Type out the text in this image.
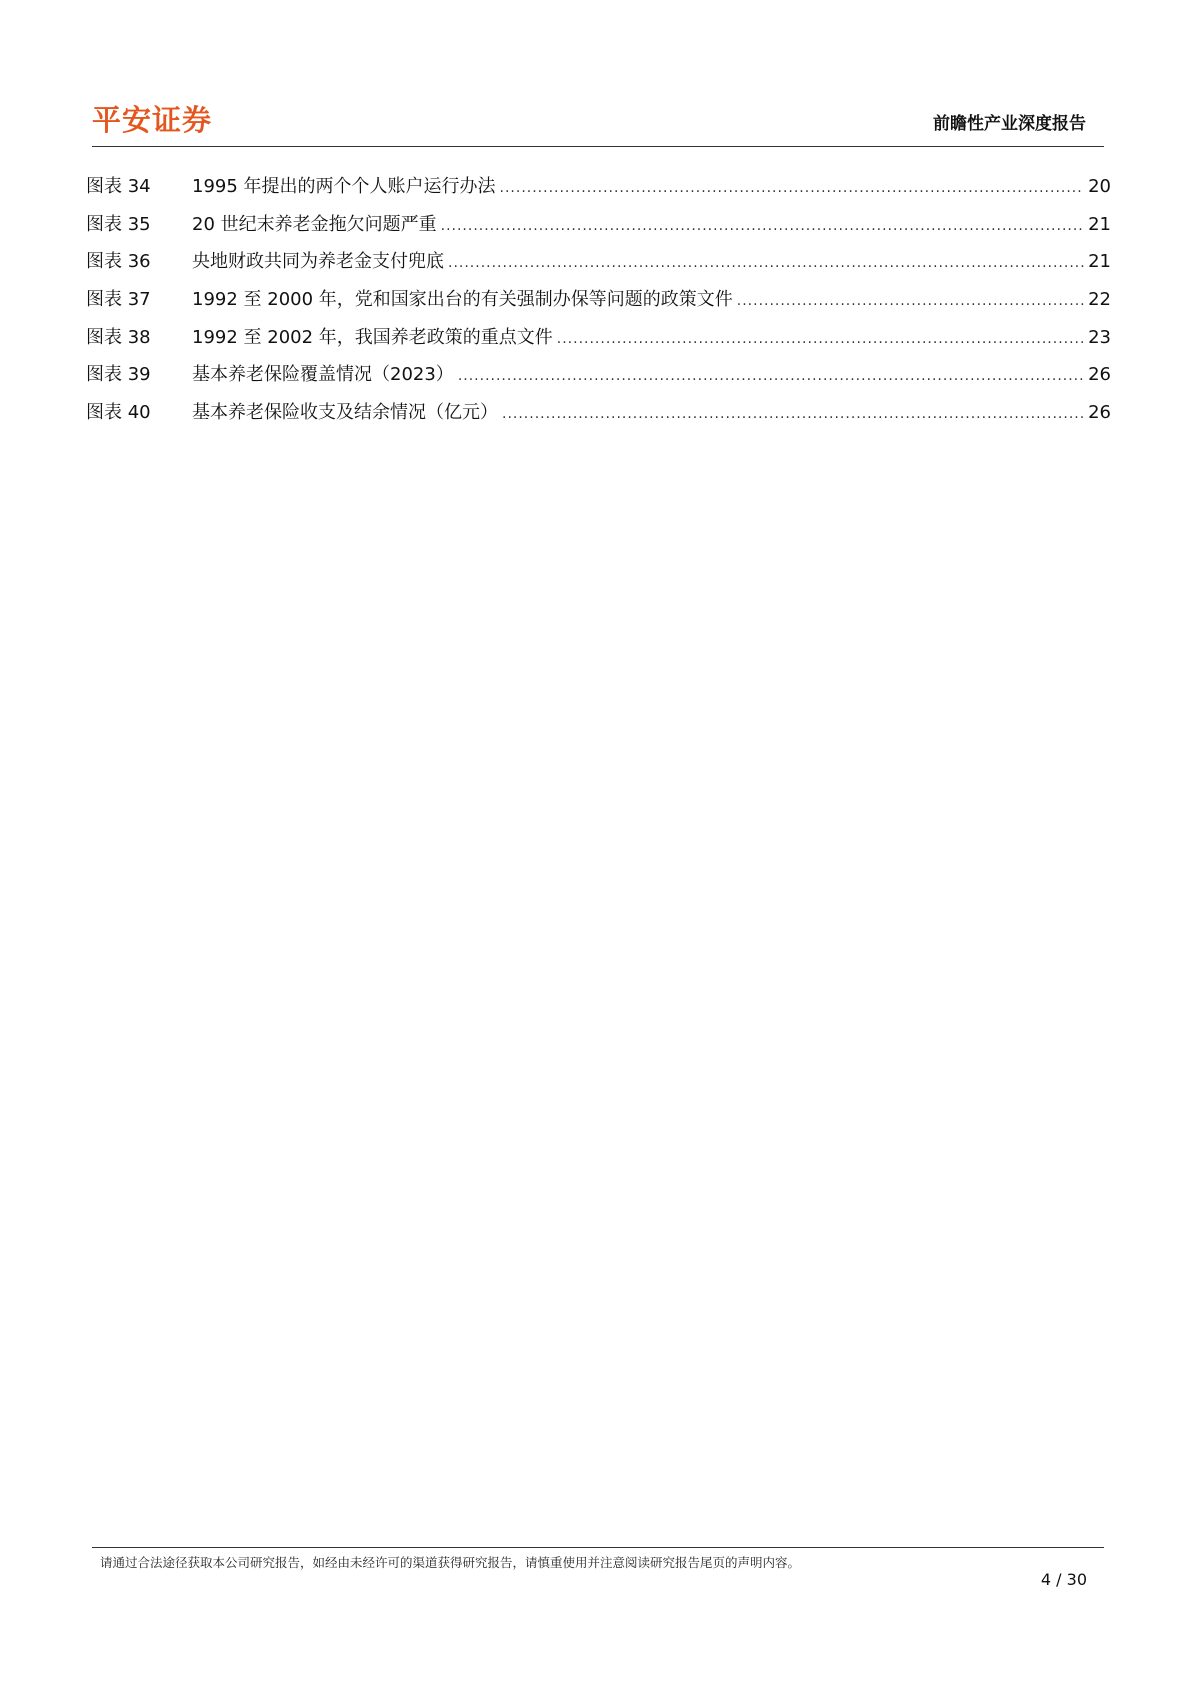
平安证券	前瞻性产业深度报告
图表 34	1995 年提出的两个个人账户运行办法 .....	20
图表 35	20 世纪末养老金拖欠问题严重 .....	21
图表 36	央地财政共同为养老金支付兜底 .....	21
图表 37	1992 至 2000 年，党和国家出台的有关强制办保等问题的政策文件 .....	22
图表 38	1992 至 2002 年，我国养老政策的重点文件 .....	23
图表 39	基本养老保险覆盖情况（2023） .....	26
图表 40	基本养老保险收支及结余情况（亿元） .....	26
请通过合法途径获取本公司研究报告，如经由未经许可的渠道获得研究报告，请慎重使用并注意阅读研究报告尾页的声明内容。
4 / 30
